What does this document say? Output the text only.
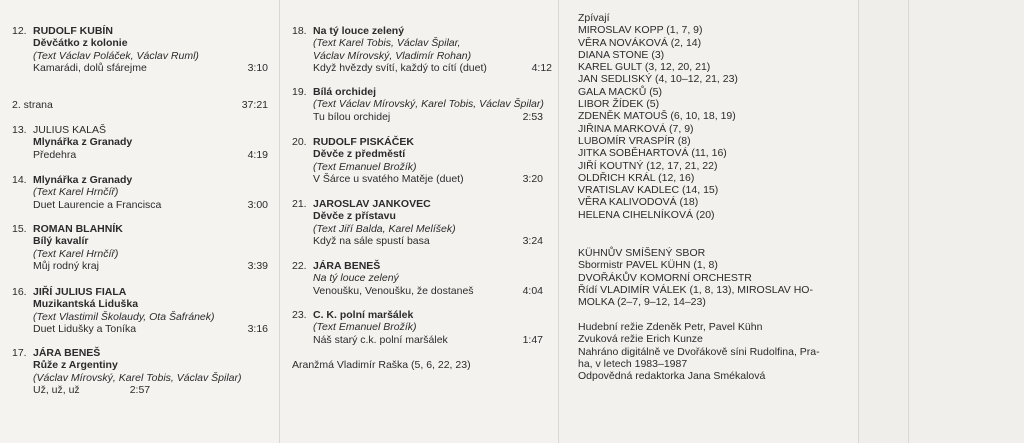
12. RUDOLF KUBÍN
Děvčátko z kolonie
(Text Václav Poláček, Václav Ruml)
Kamarádi, dolů sfárejme	3:10
2. strana	37:21
13. JULIUS KALAŠ
Mlynářka z Granady
Předehra	4:19
14. Mlynářka z Granady
(Text Karel Hrnčíř)
Duet Laurencie a Francisca	3:00
15. ROMAN BLAHNÍK
Bílý kavalír
(Text Karel Hrnčíř)
Můj rodný kraj	3:39
16. JIŘÍ JULIUS FIALA
Muzikantská Liduška
(Text Vlastimil Školaudy, Ota Šafránek)
Duet Lidušky a Toníka	3:16
17. JÁRA BENEŠ
Růže z Argentiny
(Václav Mírovský, Karel Tobis, Václav Špilar)
Už, už, už	2:57
18. Na tý louce zelený
(Text Karel Tobis, Václav Špilar,
Václav Mírovský, Vladimír Rohan)
Když hvězdy svítí, každý to cítí (duet)	4:12
19. Bílá orchidej
(Text Václav Mírovský, Karel Tobis, Václav Špilar)
Tu bílou orchidej	2:53
20. RUDOLF PISKÁČEK
Děvče z předměstí
(Text Emanuel Brožík)
V Šárce u svatého Matěje (duet)	3:20
21. JAROSLAV JANKOVEC
Děvče z přístavu
(Text Jiří Balda, Karel Melíšek)
Když na sále spustí basa	3:24
22. JÁRA BENEŠ
Na tý louce zelený
Venoušku, Venoušku, že dostaneš	4:04
23. C. K. polní maršálek
(Text Emanuel Brožík)
Náš starý c.k. polní maršálek	1:47
Aranžmá Vladimír Raška (5, 6, 22, 23)
Zpívají
MIROSLAV KOPP (1, 7, 9)
VĚRA NOVÁKOVÁ (2, 14)
DIANA STONE (3)
KAREL GULT (3, 12, 20, 21)
JAN SEDLISKÝ (4, 10–12, 21, 23)
GALA MACKŮ (5)
LIBOR ŽÍDEK (5)
ZDENĚK MATOUŠ (6, 10, 18, 19)
JIŘINA MARKOVÁ (7, 9)
LUBOMÍR VRASPÍR (8)
JITKA SOBĚHARTOVÁ (11, 16)
JIŘÍ KOUTNÝ (12, 17, 21, 22)
OLDŘICH KRÁL (12, 16)
VRATISLAV KADLEC (14, 15)
VĚRA KALIVODOVÁ (18)
HELENA CIHELNÍKOVÁ (20)
KÜHNŮV SMÍŠENÝ SBOR
Sbormistr PAVEL KÜHN (1, 8)
DVOŘÁKŮV KOMORNÍ ORCHESTR
Řídí VLADIMÍR VÁLEK (1, 8, 13), MIROSLAV HO-
MOLKA (2–7, 9–12, 14–23)
Hudební režie Zdeněk Petr, Pavel Kühn
Zvuková režie Erich Kunze
Nahráno digitálně ve Dvořákově síni Rudolfina, Pra-
ha, v letech 1983–1987
Odpovědná redaktorka Jana Smékalová
